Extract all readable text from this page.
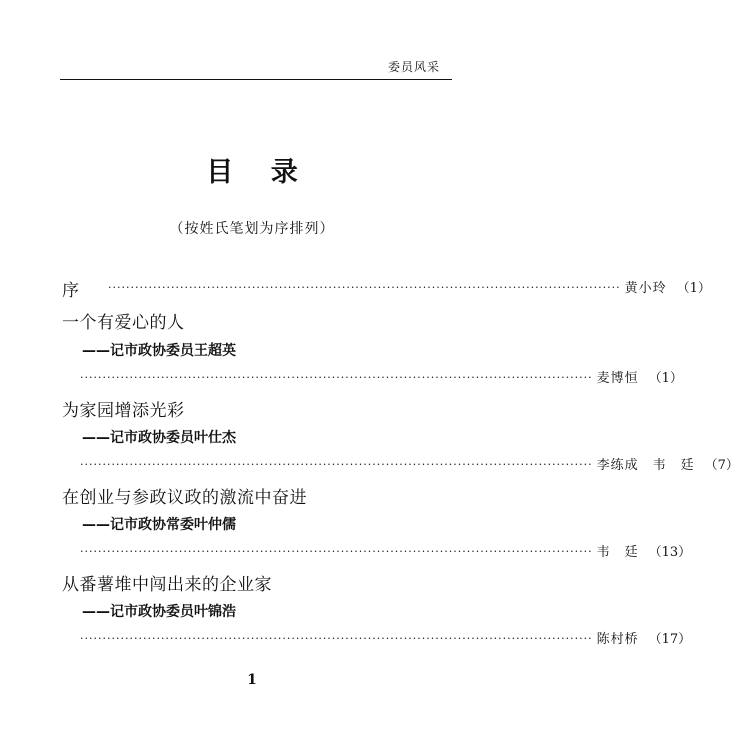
委员风采
目 录
（按姓氏笔划为序排列）
序	·················································································································· 黄小玲 （1）
一个有爱心的人
——记市政协委员王超英
·················································································································· 麦博恒 （1）
为家园增添光彩
——记市政协委员叶仕杰
·················································································································· 李练成　韦　廷 （7）
在创业与参政议政的激流中奋进
——记市政协常委叶仲儒
·················································································································· 韦　廷 （13）
从番薯堆中闯出来的企业家
——记市政协委员叶锦浩
·················································································································· 陈村桥 （17）
1
